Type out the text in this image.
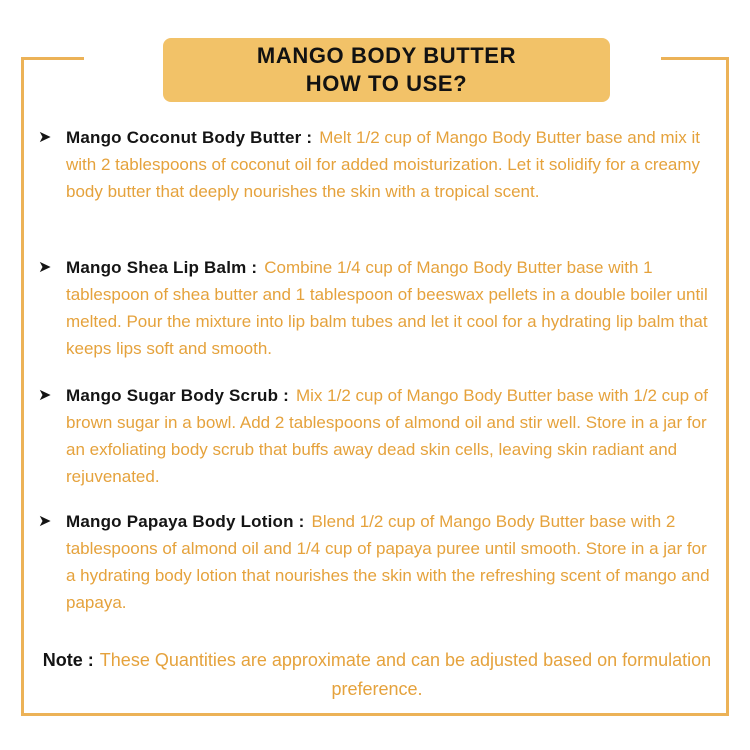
MANGO BODY BUTTER
HOW TO USE?
➤ Mango Coconut Body Butter : Melt 1/2 cup of Mango Body Butter base and mix it with 2 tablespoons of coconut oil for added moisturization. Let it solidify for a creamy body butter that deeply nourishes the skin with a tropical scent.
➤ Mango Shea Lip Balm : Combine 1/4 cup of Mango Body Butter base with 1 tablespoon of shea butter and 1 tablespoon of beeswax pellets in a double boiler until melted. Pour the mixture into lip balm tubes and let it cool for a hydrating lip balm that keeps lips soft and smooth.
➤ Mango Sugar Body Scrub : Mix 1/2 cup of Mango Body Butter base with 1/2 cup of brown sugar in a bowl. Add 2 tablespoons of almond oil and stir well. Store in a jar for an exfoliating body scrub that buffs away dead skin cells, leaving skin radiant and rejuvenated.
➤ Mango Papaya Body Lotion : Blend 1/2 cup of Mango Body Butter base with 2 tablespoons of almond oil and 1/4 cup of papaya puree until smooth. Store in a jar for a hydrating body lotion that nourishes the skin with the refreshing scent of mango and papaya.
Note : These Quantities are approximate and can be adjusted based on formulation preference.
